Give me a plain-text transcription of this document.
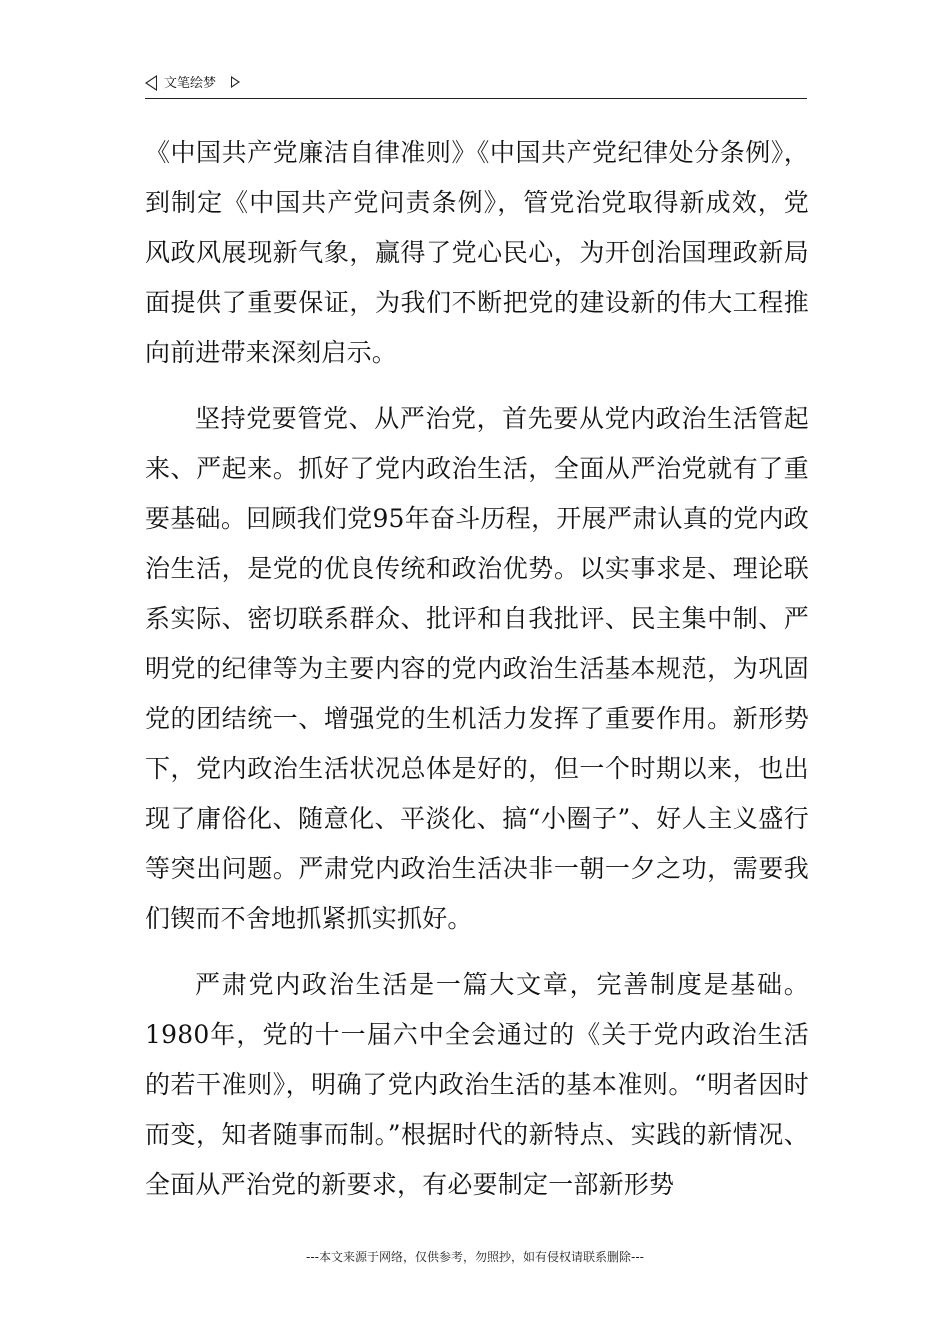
文笔绘梦

《中国共产党廉洁自律准则》《中国共产党纪律处分条例》，到制定《中国共产党问责条例》，管党治党取得新成效，党风政风展现新气象，赢得了党心民心，为开创治国理政新局面提供了重要保证，为我们不断把党的建设新的伟大工程推向前进带来深刻启示。

坚持党要管党、从严治党，首先要从党内政治生活管起来、严起来。抓好了党内政治生活，全面从严治党就有了重要基础。回顾我们党95年奋斗历程，开展严肃认真的党内政治生活，是党的优良传统和政治优势。以实事求是、理论联系实际、密切联系群众、批评和自我批评、民主集中制、严明党的纪律等为主要内容的党内政治生活基本规范，为巩固党的团结统一、增强党的生机活力发挥了重要作用。新形势下，党内政治生活状况总体是好的，但一个时期以来，也出现了庸俗化、随意化、平淡化、搞“小圈子”、好人主义盛行等突出问题。严肃党内政治生活决非一朝一夕之功，需要我们锲而不舍地抓紧抓实抓好。

严肃党内政治生活是一篇大文章，完善制度是基础。1980年，党的十一届六中全会通过的《关于党内政治生活的若干准则》，明确了党内政治生活的基本准则。“明者因时而变，知者随事而制。”根据时代的新特点、实践的新情况、全面从严治党的新要求，有必要制定一部新形势

---本文来源于网络，仅供参考，勿照抄，如有侵权请联系删除---
